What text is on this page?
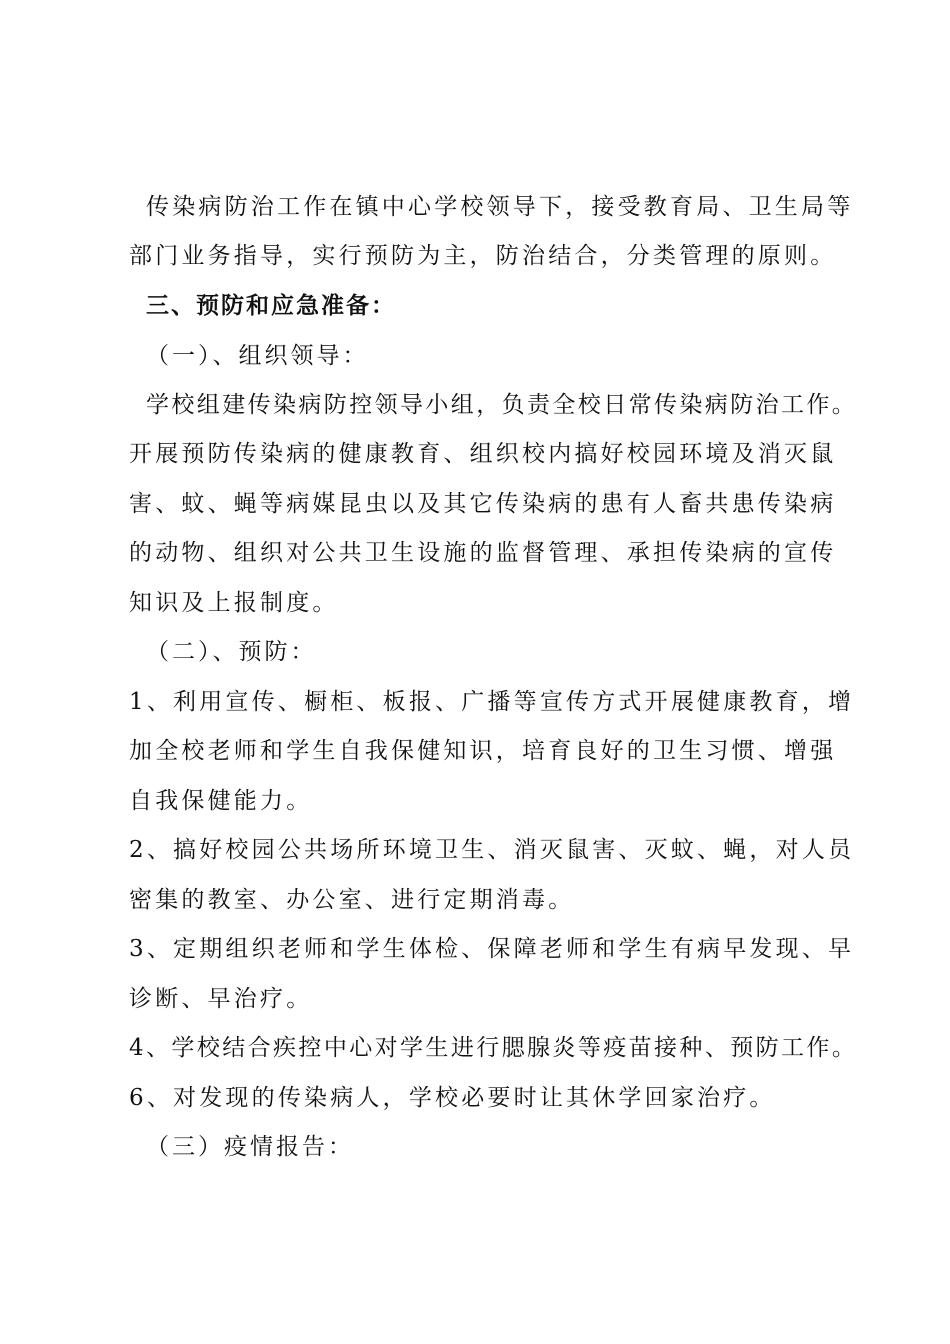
传染病防治工作在镇中心学校领导下，接受教育局、卫生局等
部门业务指导，实行预防为主，防治结合，分类管理的原则。
三、预防和应急准备：
（一）、组织领导：
学校组建传染病防控领导小组，负责全校日常传染病防治工作。
开展预防传染病的健康教育、组织校内搞好校园环境及消灭鼠
害、蚊、蝇等病媒昆虫以及其它传染病的患有人畜共患传染病
的动物、组织对公共卫生设施的监督管理、承担传染病的宣传
知识及上报制度。
（二）、预防：
1、利用宣传、橱柜、板报、广播等宣传方式开展健康教育，增
加全校老师和学生自我保健知识，培育良好的卫生习惯、增强
自我保健能力。
2、搞好校园公共场所环境卫生、消灭鼠害、灭蚊、蝇，对人员
密集的教室、办公室、进行定期消毒。
3、定期组织老师和学生体检、保障老师和学生有病早发现、早
诊断、早治疗。
4、学校结合疾控中心对学生进行腮腺炎等疫苗接种、预防工作。
6、对发现的传染病人，学校必要时让其休学回家治疗。
（三）疫情报告：
